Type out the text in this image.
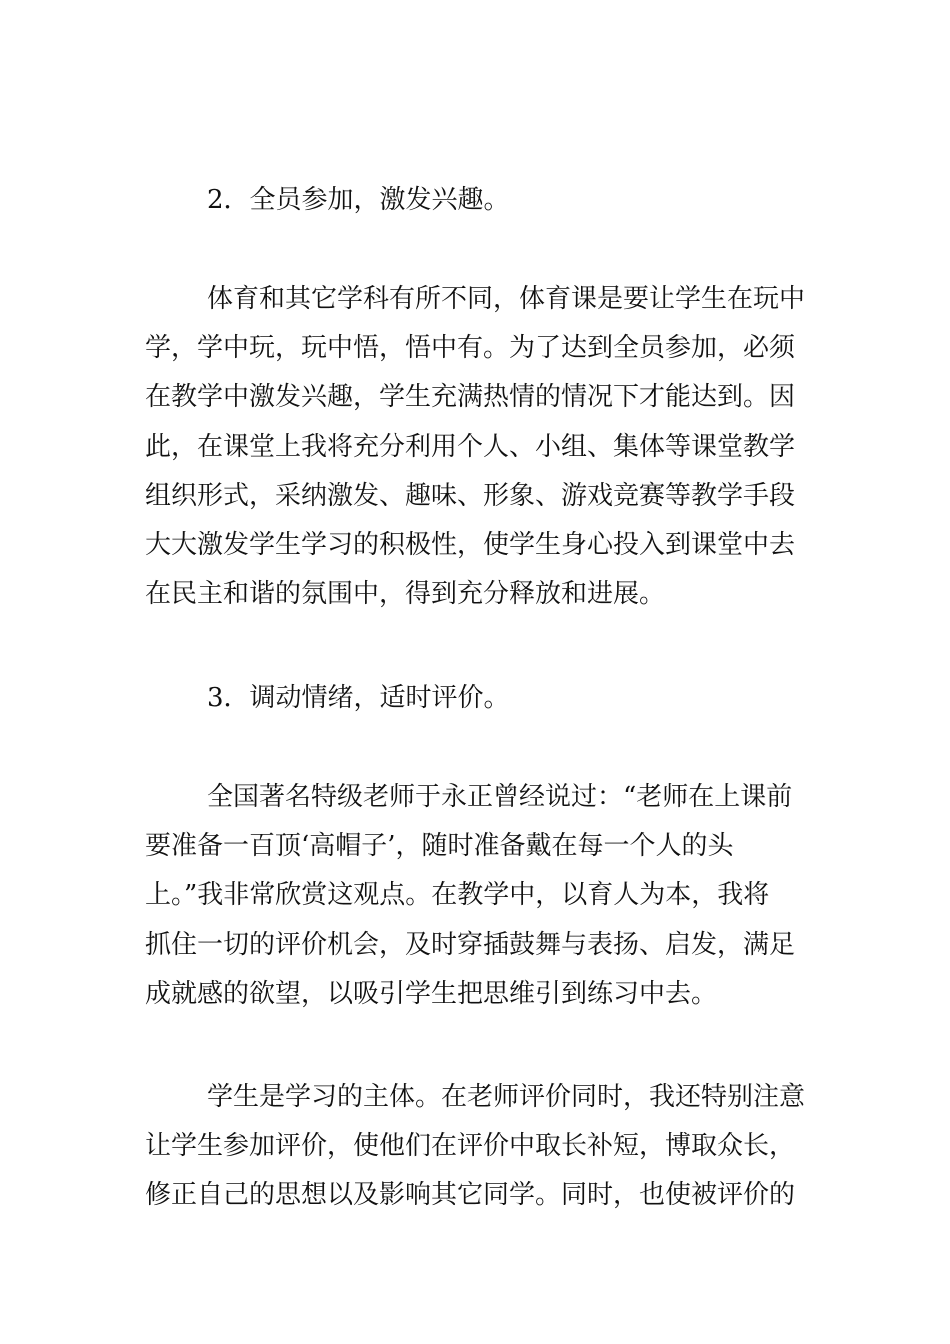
2．全员参加，激发兴趣。
体育和其它学科有所不同，体育课是要让学生在玩中
学，学中玩，玩中悟，悟中有。为了达到全员参加，必须
在教学中激发兴趣，学生充满热情的情况下才能达到。因
此，在课堂上我将充分利用个人、小组、集体等课堂教学
组织形式，采纳激发、趣味、形象、游戏竞赛等教学手段
大大激发学生学习的积极性，使学生身心投入到课堂中去
在民主和谐的氛围中，得到充分释放和进展。
3．调动情绪，适时评价。
全国著名特级老师于永正曾经说过：“老师在上课前
要准备一百顶‘高帽子’，随时准备戴在每一个人的头
上。”我非常欣赏这观点。在教学中，以育人为本，我将
抓住一切的评价机会，及时穿插鼓舞与表扬、启发，满足
成就感的欲望，以吸引学生把思维引到练习中去。
学生是学习的主体。在老师评价同时，我还特别注意
让学生参加评价，使他们在评价中取长补短，博取众长，
修正自己的思想以及影响其它同学。同时，也使被评价的
